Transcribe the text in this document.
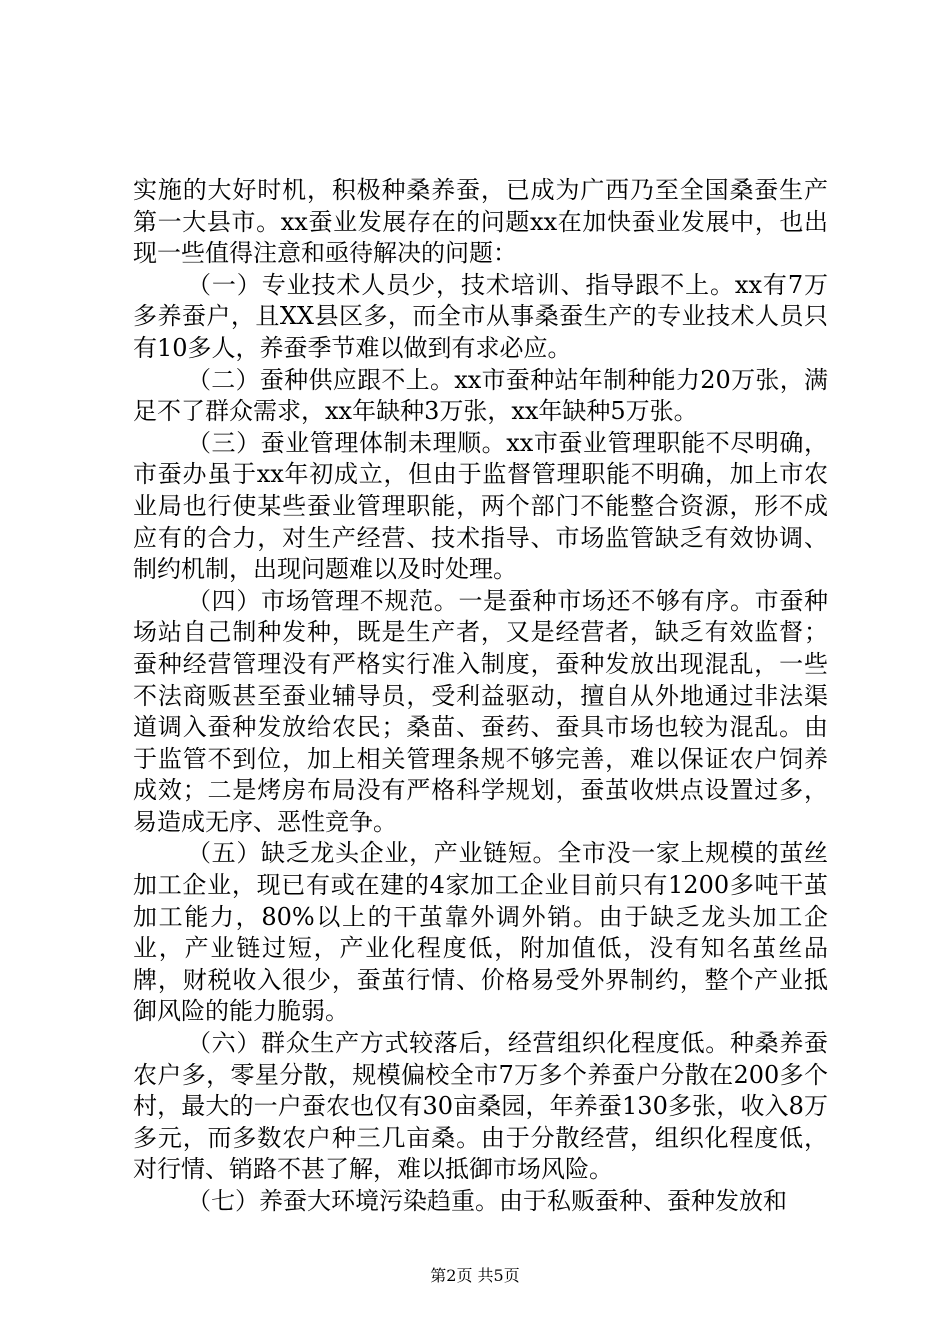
实施的大好时机，积极种桑养蚕，已成为广西乃至全国桑蚕生产第一大县市。xx蚕业发展存在的问题xx在加快蚕业发展中，也出现一些值得注意和亟待解决的问题：

（一）专业技术人员少，技术培训、指导跟不上。xx有7万多养蚕户，且XX县区多，而全市从事桑蚕生产的专业技术人员只有10多人，养蚕季节难以做到有求必应。

（二）蚕种供应跟不上。xx市蚕种站年制种能力20万张，满足不了群众需求，xx年缺种3万张，xx年缺种5万张。

（三）蚕业管理体制未理顺。xx市蚕业管理职能不尽明确，市蚕办虽于xx年初成立，但由于监督管理职能不明确，加上市农业局也行使某些蚕业管理职能，两个部门不能整合资源，形不成应有的合力，对生产经营、技术指导、市场监管缺乏有效协调、制约机制，出现问题难以及时处理。

（四）市场管理不规范。一是蚕种市场还不够有序。市蚕种场站自己制种发种，既是生产者，又是经营者，缺乏有效监督；蚕种经营管理没有严格实行准入制度，蚕种发放出现混乱，一些不法商贩甚至蚕业辅导员，受利益驱动，擅自从外地通过非法渠道调入蚕种发放给农民；桑苗、蚕药、蚕具市场也较为混乱。由于监管不到位，加上相关管理条规不够完善，难以保证农户饲养成效；二是烤房布局没有严格科学规划，蚕茧收烘点设置过多，易造成无序、恶性竞争。

（五）缺乏龙头企业，产业链短。全市没一家上规模的茧丝加工企业，现已有或在建的4家加工企业目前只有1200多吨干茧加工能力，80%以上的干茧靠外调外销。由于缺乏龙头加工企业，产业链过短，产业化程度低，附加值低，没有知名茧丝品牌，财税收入很少，蚕茧行情、价格易受外界制约，整个产业抵御风险的能力脆弱。

（六）群众生产方式较落后，经营组织化程度低。种桑养蚕农户多，零星分散，规模偏校全市7万多个养蚕户分散在200多个村，最大的一户蚕农也仅有30亩桑园，年养蚕130多张，收入8万多元，而多数农户种三几亩桑。由于分散经营，组织化程度低，对行情、销路不甚了解，难以抵御市场风险。

（七）养蚕大环境污染趋重。由于私贩蚕种、蚕种发放和

第2页 共5页
